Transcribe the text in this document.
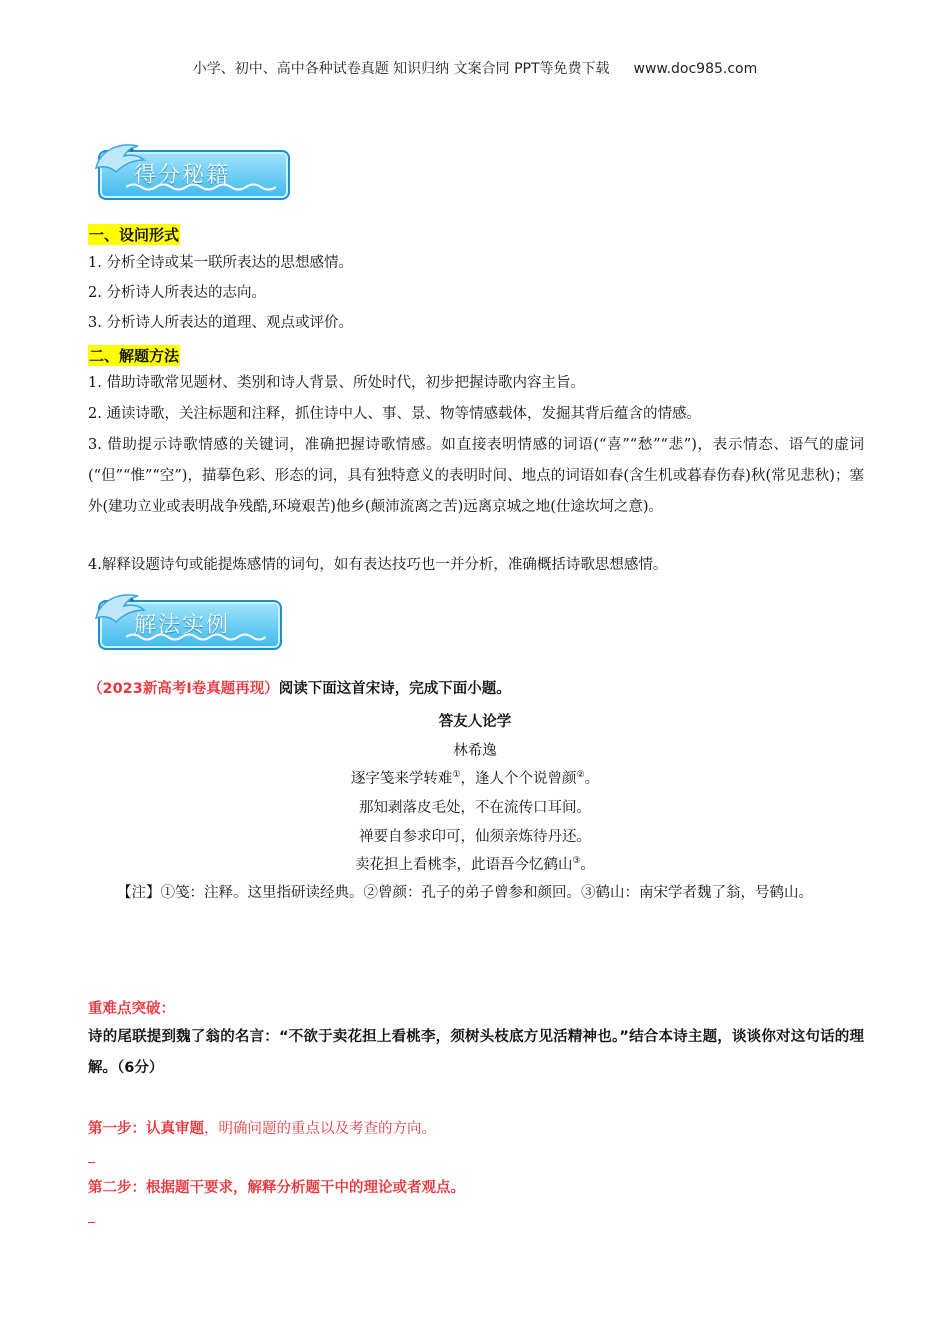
小学、初中、高中各种试卷真题 知识归纳 文案合同 PPT等免费下载 www.doc985.com
得分秘籍
一、设问形式
1. 分析全诗或某一联所表达的思想感情。
2. 分析诗人所表达的志向。
3. 分析诗人所表达的道理、观点或评价。
二、解题方法
1. 借助诗歌常见题材、类别和诗人背景、所处时代，初步把握诗歌内容主旨。
2. 通读诗歌，关注标题和注释，抓住诗中人、事、景、物等情感载体，发掘其背后蕴含的情感。
3. 借助提示诗歌情感的关键词，准确把握诗歌情感。如直接表明情感的词语(“喜”“愁”“悲”)，表示情态、语气的虚词(“但”“惟”“空”)，描摹色彩、形态的词，具有独特意义的表明时间、地点的词语如春(含生机或暮春伤春)秋(常见悲秋)；塞外(建功立业或表明战争残酷,环境艰苦)他乡(颠沛流离之苦)远离京城之地(仕途坎坷之意)。
4.解释设题诗句或能提炼感情的词句，如有表达技巧也一并分析，准确概括诗歌思想感情。
解法实例
（2023新高考I卷真题再现）阅读下面这首宋诗，完成下面小题。
答友人论学
林希逸
逐字笺来学转难①，逢人个个说曾颜②。
那知剥落皮毛处，不在流传口耳间。
禅要自参求印可，仙须亲炼待丹还。
卖花担上看桃李，此语吾今忆鹤山③。
【注】①笺：注释。这里指研读经典。②曾颜：孔子的弟子曾参和颜回。③鹤山：南宋学者魏了翁，号鹤山。
重难点突破：
诗的尾联提到魏了翁的名言：“不欲于卖花担上看桃李，须树头枝底方见活精神也。”结合本诗主题，谈谈你对这句话的理解。（6分）
第一步：认真审题，明确问题的重点以及考查的方向。
第二步：根据题干要求，解释分析题干中的理论或者观点。
